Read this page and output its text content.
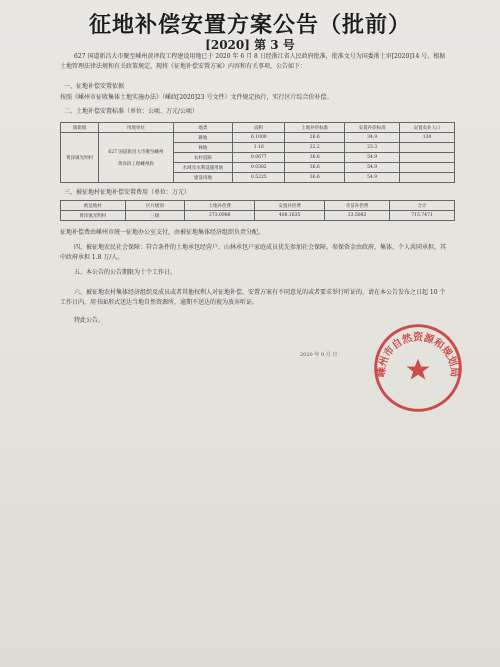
征地补偿安置方案公告（批前）
[2020] 第 3 号
627 国道新昌大市聚至嵊州黄泽段工程建设用地已于 2020 年 6 月 8 日经浙江省人民政府批准，批准文号为国委浙土审[2020]14 号。根据土地管理法律法规和有关政策规定，现将《征地补偿安置方案》内容和有关事项，公告如下：
一、征地补偿安置依据
按照《嵊州市征收集体土地实施办法》（嵊政[2020]23 号文件）文件规定执行，实行区片综合价补偿。
二、土地补偿安置标准（单位：公顷、万元/公顷）
镇街镇	用地单位	地类	面积	土地补偿标准	安置补偿标准	安置农业人口
黄泽镇光明村	627 国道新昌大市聚至嵊州
黄泽段工程嵊州段	耕地	6.1000	26.6	34.9	130
		林地	1.16	22.2	23.3	
		农村道路	0.0677	36.6	54.9	
		水域及水利设施用地	0.0382	36.6	54.9	
		建设用地	0.5225	36.6	54.9	
三、被征地村征地补偿安置费用（单位：万元）
被征地村	区片级别	土地补偿费	安置补偿费	青苗补偿费	合计
黄泽镇光明村	三级	273.0986	408.1635	33.5082	715.7471
征地补偿费由嵊州市统一征地办公室支付，由被征地集体经济组织负责分配。
四、被征地农民社会保障：符合条件的土地承包经营户、山林承包户家庭成员优先参加社会保障。参保资金由政府、集体、个人共同承担，其中政府承担 1.8 万/人。
五、本公告的公告期限为十个工作日。
六、被征地农村集体经济组织及成员或者其他权利人对征地补偿、安置方案有不同意见的或者要求举行听证的，请在本公告发布之日起 10 个工作日内，用书面形式送达当地自然资源所，逾期不送达的视为放弃听证。
特此公告。
2020 年 9 月 日
嵊州市自然资源和规划局
